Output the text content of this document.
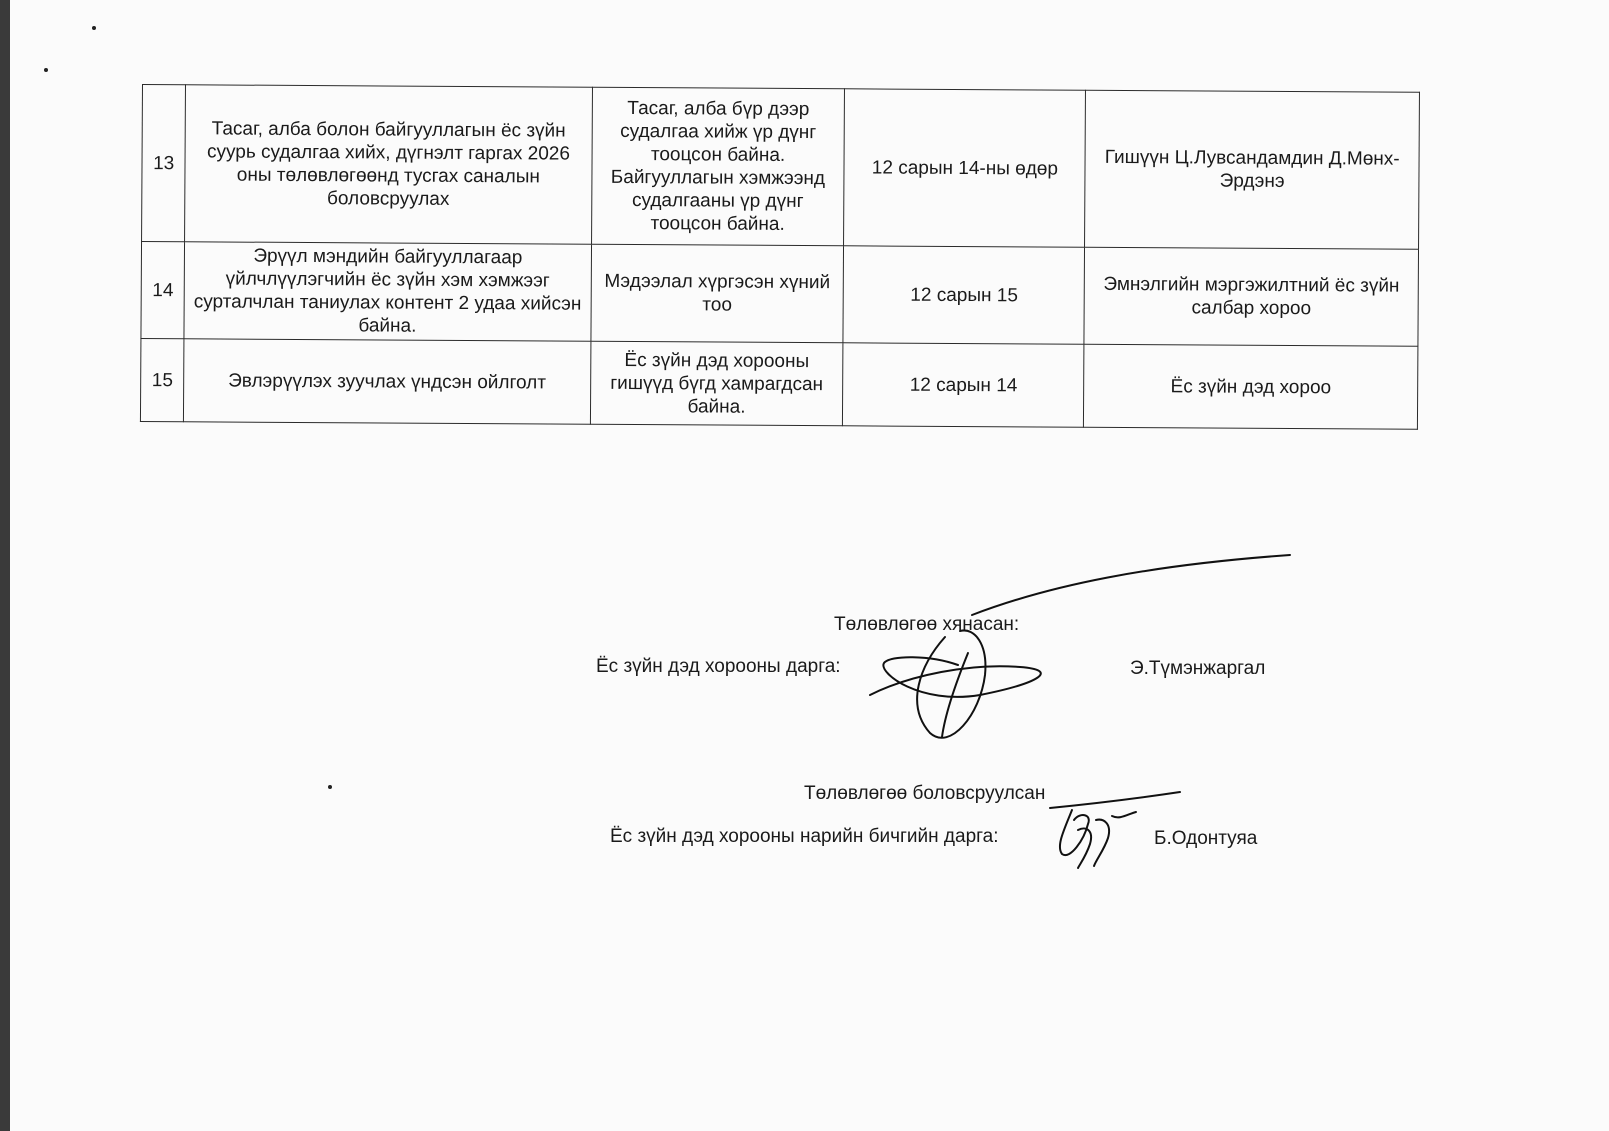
13	Тасаг, алба болон байгууллагын ёс зүйн суурь судалгаа хийх, дүгнэлт гаргах 2026 оны төлөвлөгөөнд тусгах саналын боловсруулах	Тасаг, алба бүр дээр судалгаа хийж үр дүнг тооцсон байна. Байгууллагын хэмжээнд судалгааны үр дүнг тооцсон байна.	12 сарын 14-ны өдөр	Гишүүн Ц.Лувсандамдин Д.Мөнх-Эрдэнэ
14	Эрүүл мэндийн байгууллагаар үйлчлүүлэгчийн ёс зүйн хэм хэмжээг сурталчлан таниулах контент 2 удаа хийсэн байна.	Мэдээлал хүргэсэн хүний тоо	12 сарын 15	Эмнэлгийн мэргэжилтний ёс зүйн салбар хороо
15	Эвлэрүүлэх зуучлах үндсэн ойлголт	Ёс зүйн дэд хорооны гишүүд бүгд хамрагдсан байна.	12 сарын 14	Ёс зүйн дэд хороо
Төлөвлөгөө хянасан:
Ёс зүйн дэд хорооны дарга:	Э.Түмэнжаргал
Төлөвлөгөө боловсруулсан
Ёс зүйн дэд хорооны нарийн бичгийн дарга:	Б.Одонтуяа
